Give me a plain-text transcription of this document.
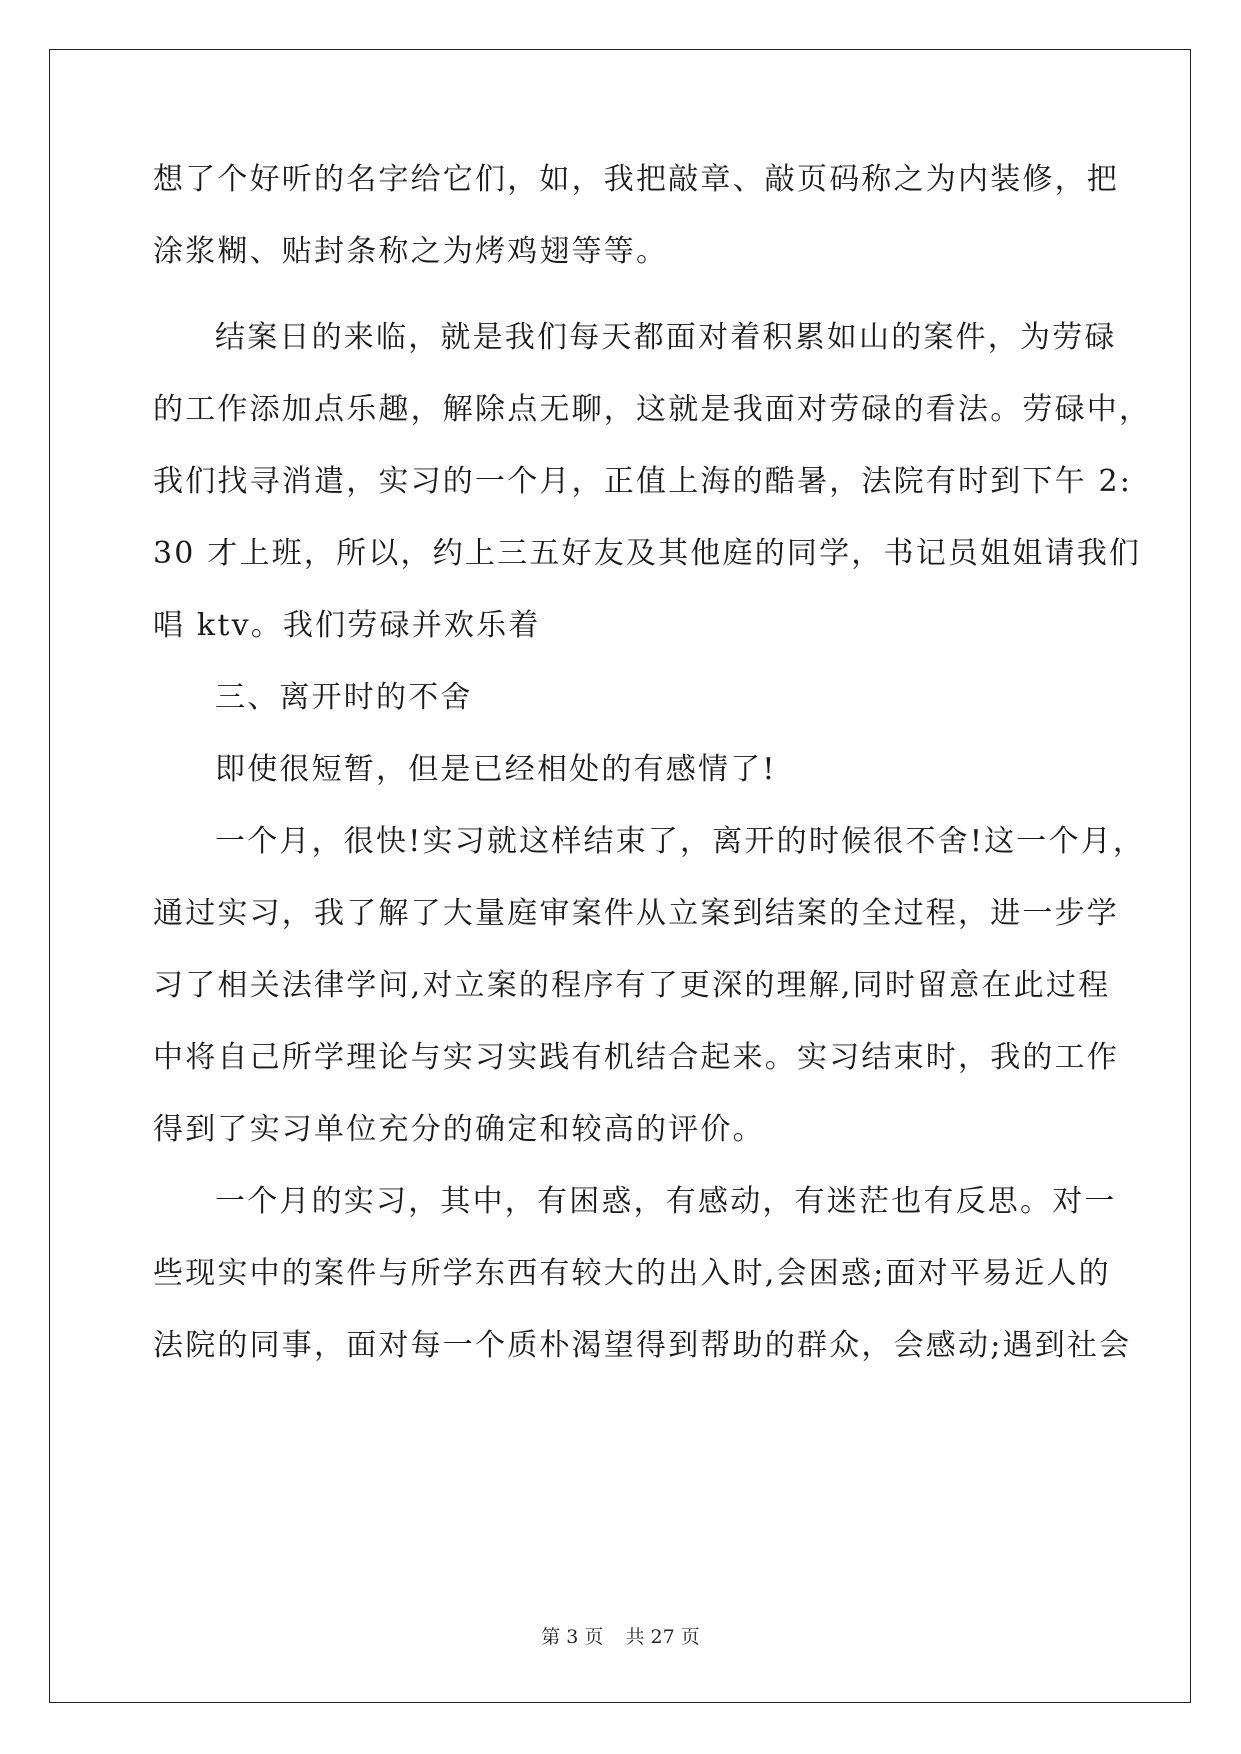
想了个好听的名字给它们，如，我把敲章、敲页码称之为内装修，把
涂浆糊、贴封条称之为烤鸡翅等等。
结案日的来临，就是我们每天都面对着积累如山的案件，为劳碌
的工作添加点乐趣，解除点无聊，这就是我面对劳碌的看法。劳碌中，
我们找寻消遣，实习的一个月，正值上海的酷暑，法院有时到下午 2:
30 才上班，所以，约上三五好友及其他庭的同学，书记员姐姐请我们
唱 ktv。我们劳碌并欢乐着
三、离开时的不舍
即使很短暂，但是已经相处的有感情了!
一个月，很快!实习就这样结束了，离开的时候很不舍!这一个月，
通过实习，我了解了大量庭审案件从立案到结案的全过程，进一步学
习了相关法律学问,对立案的程序有了更深的理解,同时留意在此过程
中将自己所学理论与实习实践有机结合起来。实习结束时，我的工作
得到了实习单位充分的确定和较高的评价。
一个月的实习，其中，有困惑，有感动，有迷茫也有反思。对一
些现实中的案件与所学东西有较大的出入时,会困惑;面对平易近人的
法院的同事，面对每一个质朴渴望得到帮助的群众，会感动;遇到社会
第 3 页 共 27 页
